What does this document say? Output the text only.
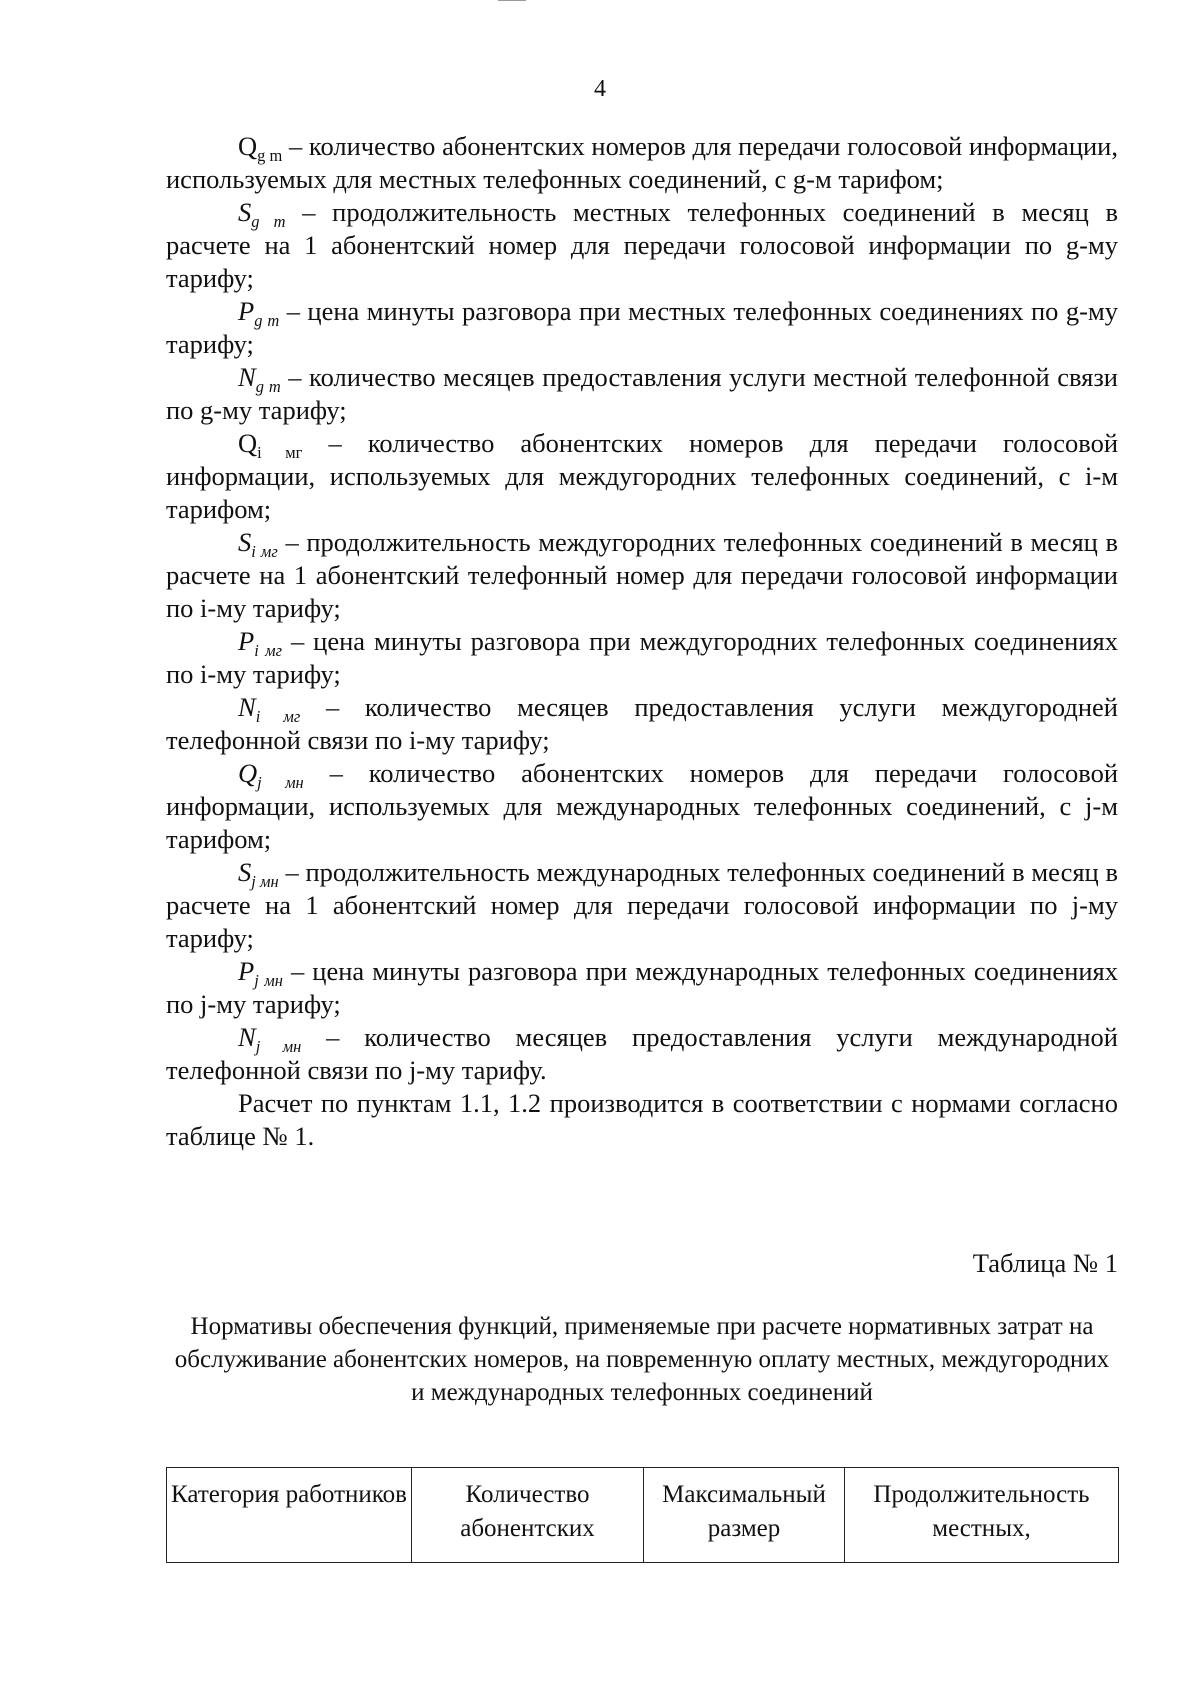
4

$Q_{g m}$ – количество абонентских номеров для передачи голосовой информации, используемых для местных телефонных соединений, с g-м тарифом;

$S_{g m}$ – продолжительность местных телефонных соединений в месяц в расчете на 1 абонентский номер для передачи голосовой информации по g-му тарифу;

$P_{g m}$ – цена минуты разговора при местных телефонных соединениях по g-му тарифу;

$N_{g m}$ – количество месяцев предоставления услуги местной телефонной связи по g-му тарифу;

$Q_{i мг}$ – количество абонентских номеров для передачи голосовой информации, используемых для междугородних телефонных соединений, с i-м тарифом;

$S_{i мг}$ – продолжительность междугородних телефонных соединений в месяц в расчете на 1 абонентский телефонный номер для передачи голосовой информации по i-му тарифу;

$P_{i мг}$ – цена минуты разговора при междугородних телефонных соединениях по i-му тарифу;

$N_{i мг}$ – количество месяцев предоставления услуги междугородней телефонной связи по i-му тарифу;

$Q_{j мн}$ – количество абонентских номеров для передачи голосовой информации, используемых для международных телефонных соединений, с j-м тарифом;

$S_{j мн}$ – продолжительность международных телефонных соединений в месяц в расчете на 1 абонентский номер для передачи голосовой информации по j-му тарифу;

$P_{j мн}$ – цена минуты разговора при международных телефонных соединениях по j-му тарифу;

$N_{j мн}$ – количество месяцев предоставления услуги международной телефонной связи по j-му тарифу.

Расчет по пунктам 1.1, 1.2 производится в соответствии с нормами согласно таблице № 1.

Таблица № 1
Нормативы обеспечения функций, применяемые при расчете нормативных затрат на обслуживание абонентских номеров, на повременную оплату местных, междугородних и международных телефонных соединений
Категория работников	Количество абонентских	Максимальный размер	Продолжительность местных,
